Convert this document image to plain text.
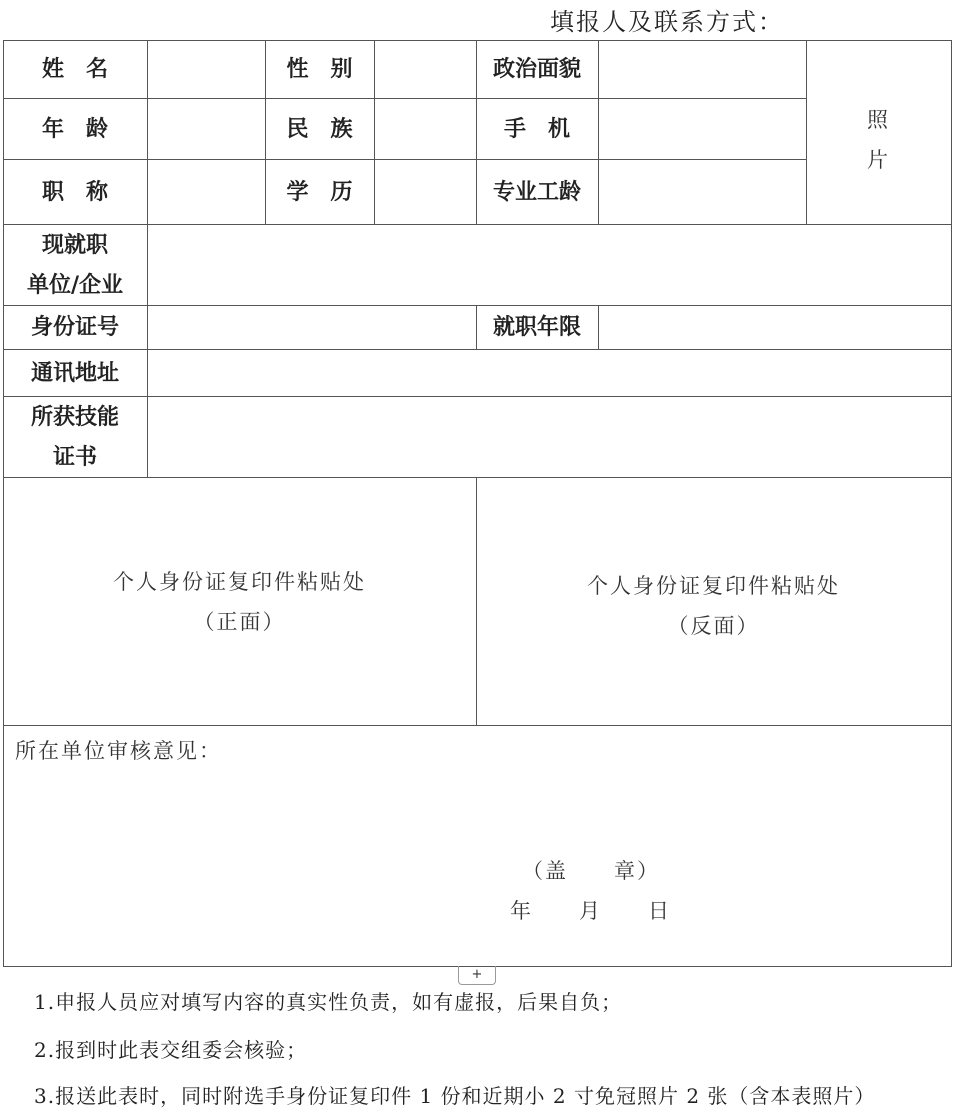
填报人及联系方式：
姓　名	性　别	政治面貌
照
片
年　龄	民　族	手　机
职　称	学　历	专业工龄
现就职
单位/企业
身份证号	就职年限
通讯地址
所获技能
证书
个人身份证复印件粘贴处
（正面）
个人身份证复印件粘贴处
（反面）
所在单位审核意见：
（盖　　章）
年　　月　　日
+
1.申报人员应对填写内容的真实性负责，如有虚报，后果自负；
2.报到时此表交组委会核验；
3.报送此表时，同时附选手身份证复印件 1 份和近期小 2 寸免冠照片 2 张（含本表照片）
